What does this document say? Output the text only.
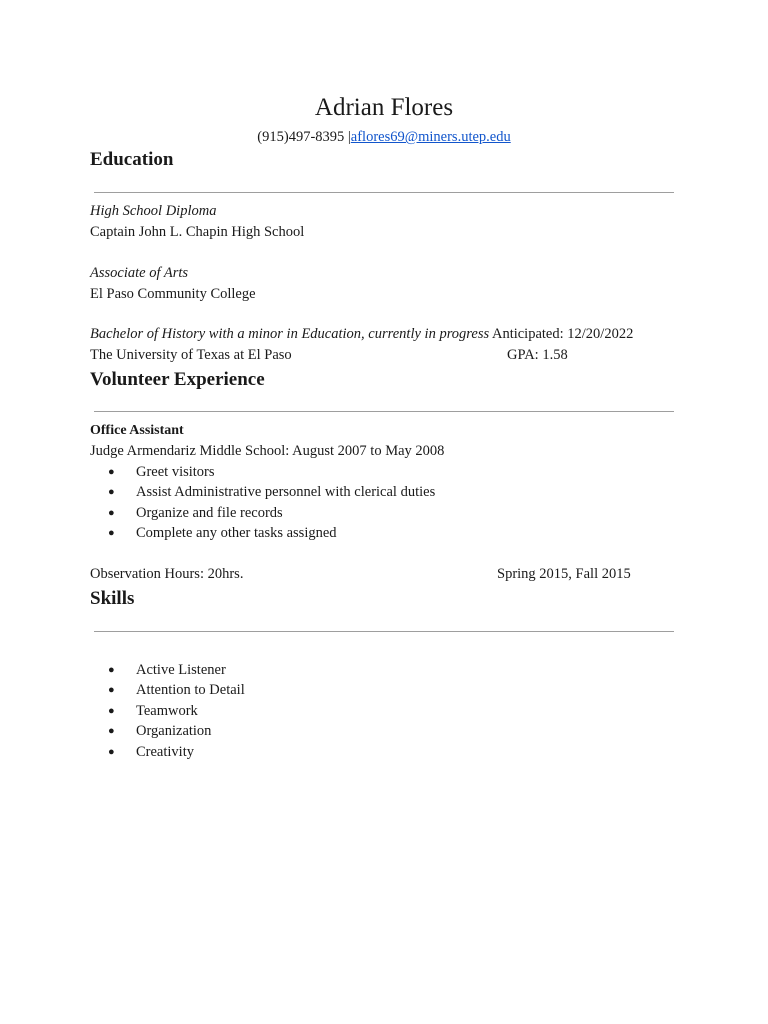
Adrian Flores
(915)497-8395 |aflores69@miners.utep.edu
Education
High School Diploma
Captain John L. Chapin High School
Associate of Arts
El Paso Community College
Bachelor of History with a minor in Education, currently in progress Anticipated: 12/20/2022
The University of Texas at El Paso	GPA: 1.58
Volunteer Experience
Office Assistant
Judge Armendariz Middle School: August 2007 to May 2008
● Greet visitors
● Assist Administrative personnel with clerical duties
● Organize and file records
● Complete any other tasks assigned
Observation Hours: 20hrs.	Spring 2015, Fall 2015
Skills
● Active Listener
● Attention to Detail
● Teamwork
● Organization
● Creativity
